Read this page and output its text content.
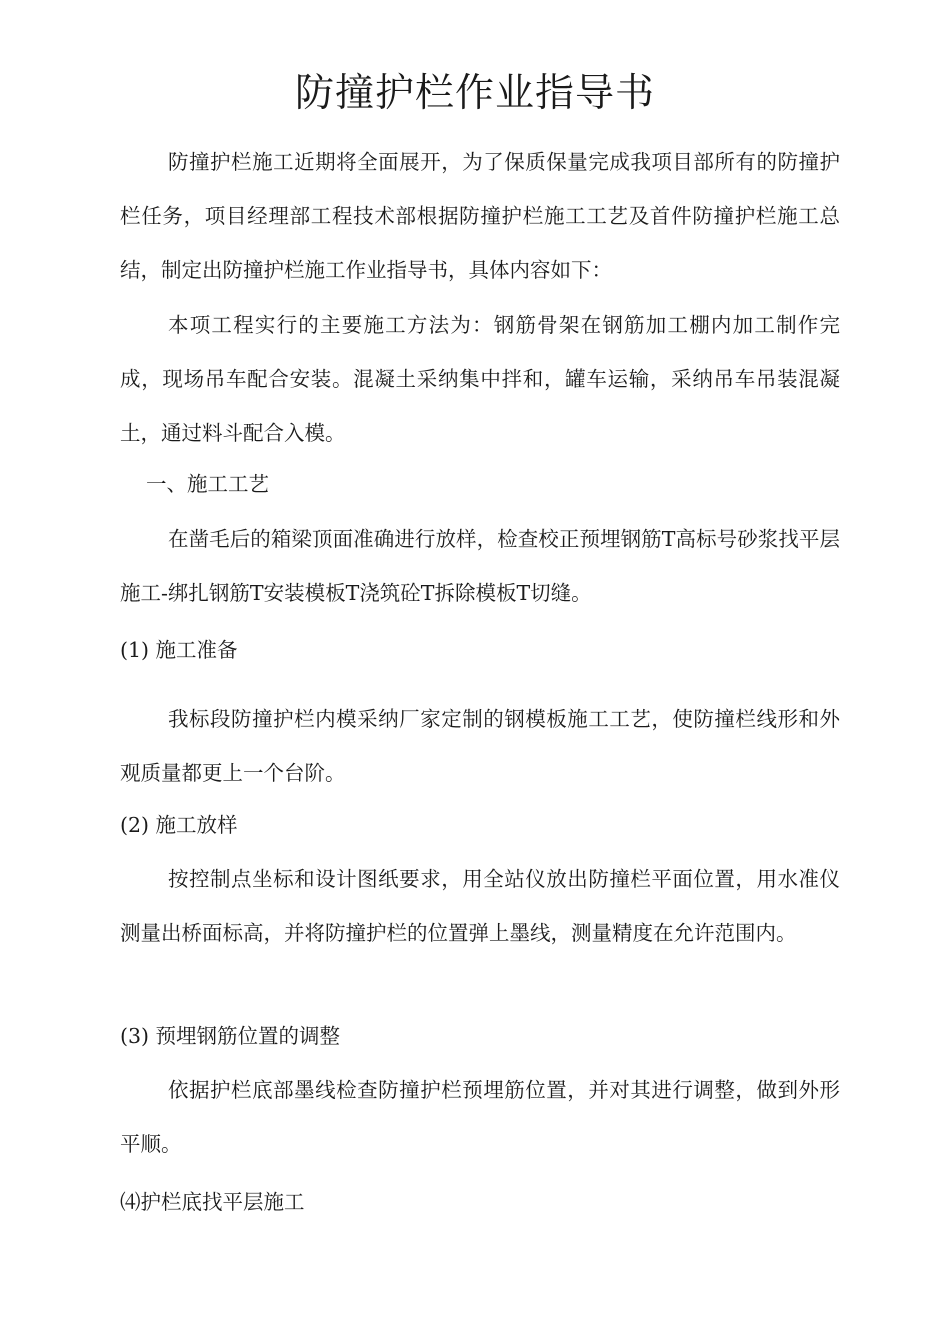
防撞护栏作业指导书

防撞护栏施工近期将全面展开，为了保质保量完成我项目部所有的防撞护栏任务，项目经理部工程技术部根据防撞护栏施工工艺及首件防撞护栏施工总结，制定出防撞护栏施工作业指导书，具体内容如下：

本项工程实行的主要施工方法为：钢筋骨架在钢筋加工棚内加工制作完成，现场吊车配合安装。混凝土采纳集中拌和，罐车运输，采纳吊车吊装混凝土，通过料斗配合入模。

一、施工工艺

在凿毛后的箱梁顶面准确进行放样，检查校正预埋钢筋T高标号砂浆找平层施工-绑扎钢筋T安装模板T浇筑砼T拆除模板T切缝。

(1) 施工准备

我标段防撞护栏内模采纳厂家定制的钢模板施工工艺，使防撞栏线形和外观质量都更上一个台阶。

(2) 施工放样

按控制点坐标和设计图纸要求，用全站仪放出防撞栏平面位置，用水准仪测量出桥面标高，并将防撞护栏的位置弹上墨线，测量精度在允许范围内。

(3) 预埋钢筋位置的调整

依据护栏底部墨线检查防撞护栏预埋筋位置，并对其进行调整，做到外形平顺。

⑷护栏底找平层施工
